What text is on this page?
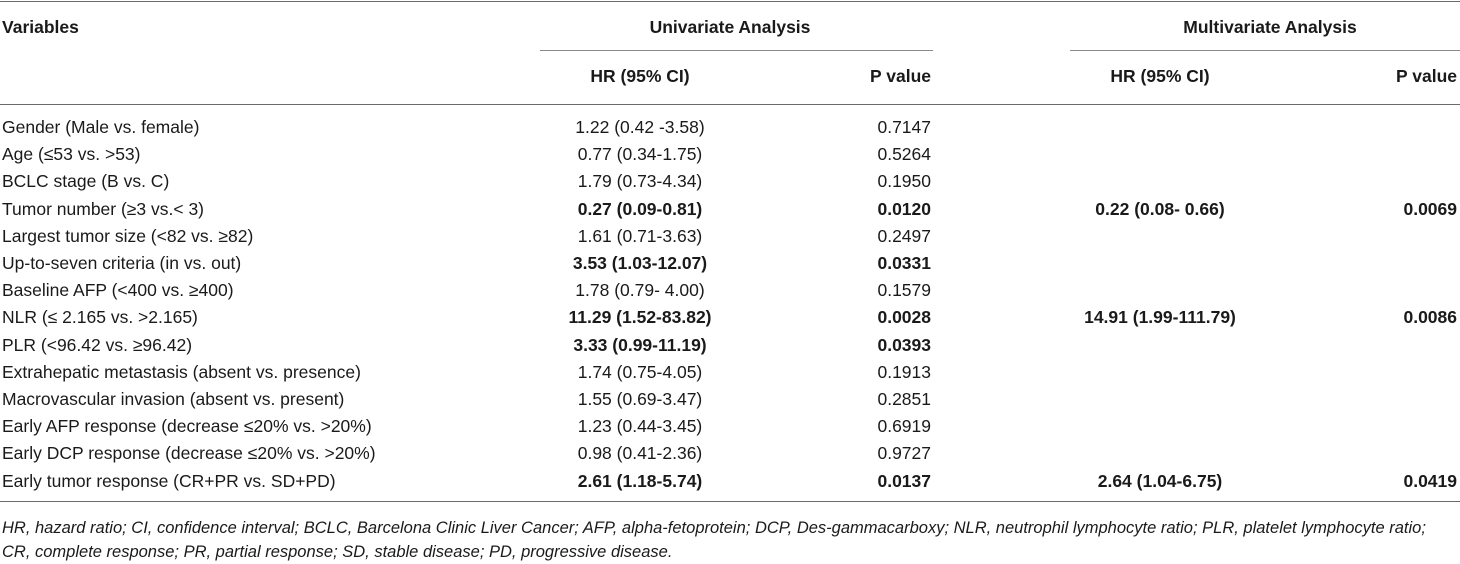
Variables	Univariate Analysis	Multivariate Analysis
HR (95% CI)	P value	HR (95% CI)	P value
Gender (Male vs. female)	1.22 (0.42 -3.58)	0.7147
Age (≤53 vs. >53)	0.77 (0.34-1.75)	0.5264
BCLC stage (B vs. C)	1.79 (0.73-4.34)	0.1950
Tumor number (≥3 vs.< 3)	0.27 (0.09-0.81)	0.0120	0.22 (0.08- 0.66)	0.0069
Largest tumor size (<82 vs. ≥82)	1.61 (0.71-3.63)	0.2497
Up-to-seven criteria (in vs. out)	3.53 (1.03-12.07)	0.0331
Baseline AFP (<400 vs. ≥400)	1.78 (0.79- 4.00)	0.1579
NLR (≤ 2.165 vs. >2.165)	11.29 (1.52-83.82)	0.0028	14.91 (1.99-111.79)	0.0086
PLR (<96.42 vs. ≥96.42)	3.33 (0.99-11.19)	0.0393
Extrahepatic metastasis (absent vs. presence)	1.74 (0.75-4.05)	0.1913
Macrovascular invasion (absent vs. present)	1.55 (0.69-3.47)	0.2851
Early AFP response (decrease ≤20% vs. >20%)	1.23 (0.44-3.45)	0.6919
Early DCP response (decrease ≤20% vs. >20%)	0.98 (0.41-2.36)	0.9727
Early tumor response (CR+PR vs. SD+PD)	2.61 (1.18-5.74)	0.0137	2.64 (1.04-6.75)	0.0419
HR, hazard ratio; CI, confidence interval; BCLC, Barcelona Clinic Liver Cancer; AFP, alpha-fetoprotein; DCP, Des-gammacarboxy; NLR, neutrophil lymphocyte ratio; PLR, platelet lymphocyte ratio; CR, complete response; PR, partial response; SD, stable disease; PD, progressive disease.
